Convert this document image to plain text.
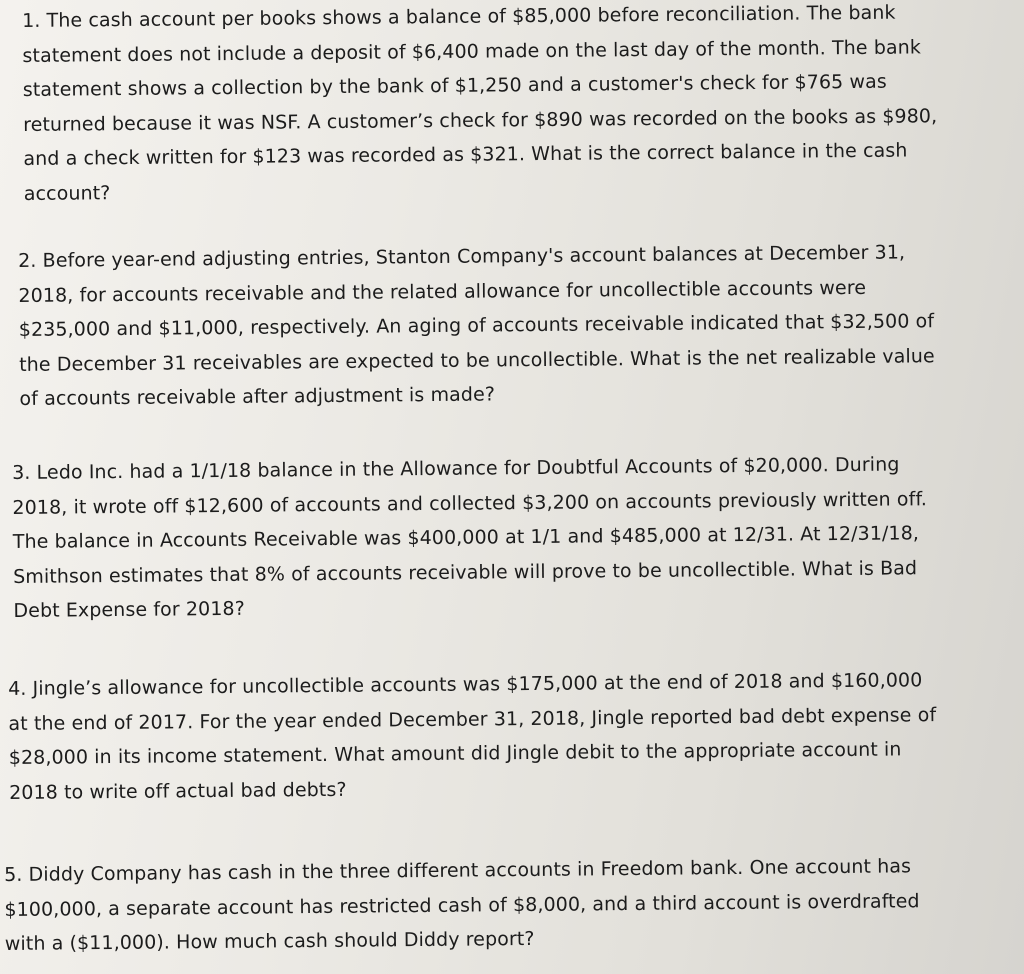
1. The cash account per books shows a balance of $85,000 before reconciliation. The bank
statement does not include a deposit of $6,400 made on the last day of the month. The bank
statement shows a collection by the bank of $1,250 and a customer's check for $765 was
returned because it was NSF. A customer’s check for $890 was recorded on the books as $980,
and a check written for $123 was recorded as $321. What is the correct balance in the cash
account?
2. Before year-end adjusting entries, Stanton Company's account balances at December 31,
2018, for accounts receivable and the related allowance for uncollectible accounts were
$235,000 and $11,000, respectively. An aging of accounts receivable indicated that $32,500 of
the December 31 receivables are expected to be uncollectible. What is the net realizable value
of accounts receivable after adjustment is made?
3. Ledo Inc. had a 1/1/18 balance in the Allowance for Doubtful Accounts of $20,000. During
2018, it wrote off $12,600 of accounts and collected $3,200 on accounts previously written off.
The balance in Accounts Receivable was $400,000 at 1/1 and $485,000 at 12/31. At 12/31/18,
Smithson estimates that 8% of accounts receivable will prove to be uncollectible. What is Bad
Debt Expense for 2018?
4. Jingle’s allowance for uncollectible accounts was $175,000 at the end of 2018 and $160,000
at the end of 2017. For the year ended December 31, 2018, Jingle reported bad debt expense of
$28,000 in its income statement. What amount did Jingle debit to the appropriate account in
2018 to write off actual bad debts?
5. Diddy Company has cash in the three different accounts in Freedom bank. One account has
$100,000, a separate account has restricted cash of $8,000, and a third account is overdrafted
with a ($11,000). How much cash should Diddy report?
